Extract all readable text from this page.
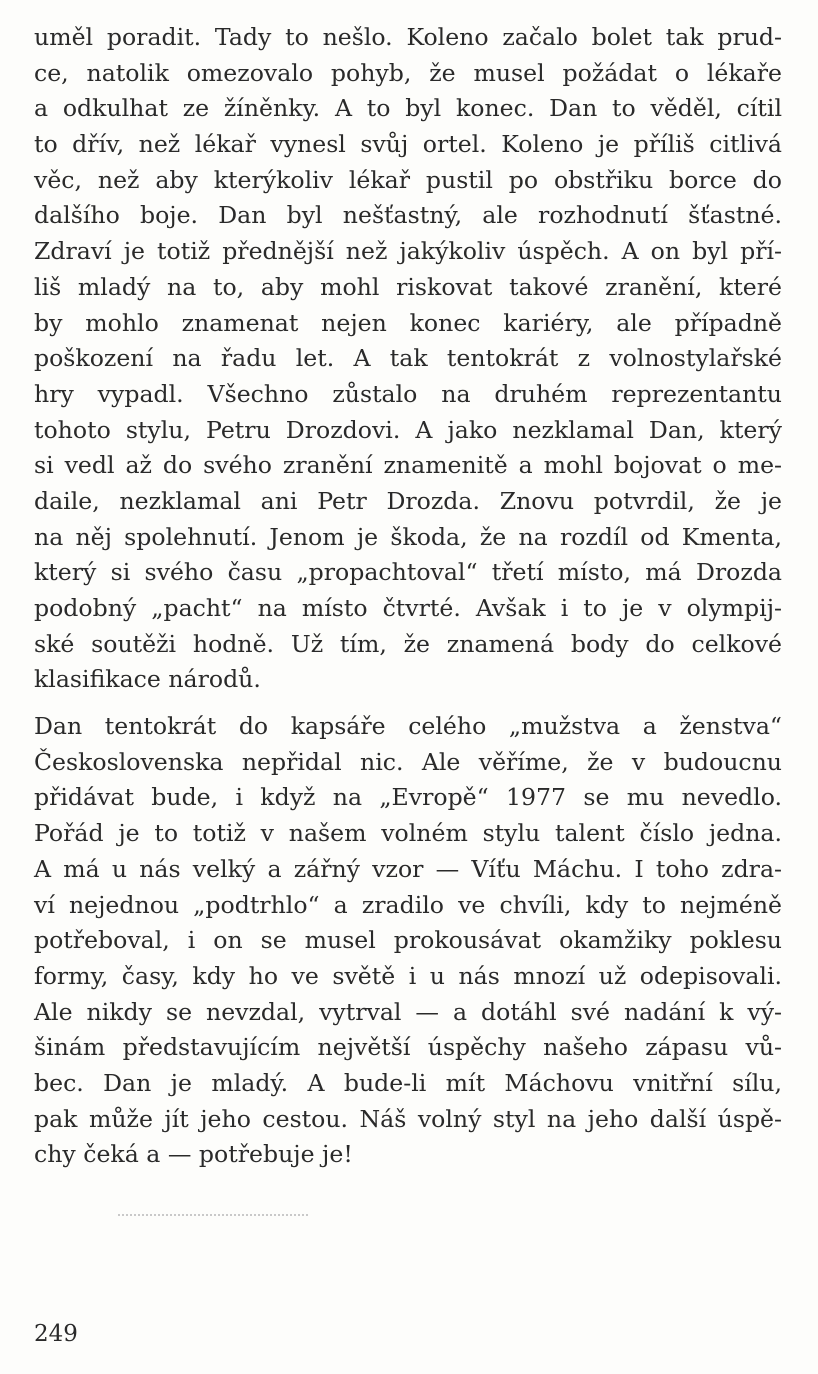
uměl poradit. Tady to nešlo. Koleno začalo bolet tak prud-
ce, natolik omezovalo pohyb, že musel požádat o lékaře
a odkulhat ze žíněnky. A to byl konec. Dan to věděl, cítil
to dřív, než lékař vynesl svůj ortel. Koleno je příliš citlivá
věc, než aby kterýkoliv lékař pustil po obstřiku borce do
dalšího boje. Dan byl nešťastný, ale rozhodnutí šťastné.
Zdraví je totiž přednější než jakýkoliv úspěch. A on byl pří-
liš mladý na to, aby mohl riskovat takové zranění, které
by mohlo znamenat nejen konec kariéry, ale případně
poškození na řadu let. A tak tentokrát z volnostylařské
hry vypadl. Všechno zůstalo na druhém reprezentantu
tohoto stylu, Petru Drozdovi. A jako nezklamal Dan, který
si vedl až do svého zranění znamenitě a mohl bojovat o me-
daile, nezklamal ani Petr Drozda. Znovu potvrdil, že je
na něj spolehnutí. Jenom je škoda, že na rozdíl od Kmenta,
který si svého času „propachtoval“ třetí místo, má Drozda
podobný „pacht“ na místo čtvrté. Avšak i to je v olympij-
ské soutěži hodně. Už tím, že znamená body do celkové
klasifikace národů.
Dan tentokrát do kapsáře celého „mužstva a ženstva“
Československa nepřidal nic. Ale věříme, že v budoucnu
přidávat bude, i když na „Evropě“ 1977 se mu nevedlo.
Pořád je to totiž v našem volném stylu talent číslo jedna.
A má u nás velký a zářný vzor — Víťu Máchu. I toho zdra-
ví nejednou „podtrhlo“ a zradilo ve chvíli, kdy to nejméně
potřeboval, i on se musel prokousávat okamžiky poklesu
formy, časy, kdy ho ve světě i u nás mnozí už odepisovali.
Ale nikdy se nevzdal, vytrval — a dotáhl své nadání k vý-
šinám představujícím největší úspěchy našeho zápasu vů-
bec. Dan je mladý. A bude-li mít Máchovu vnitřní sílu,
pak může jít jeho cestou. Náš volný styl na jeho další úspě-
chy čeká a — potřebuje je!
249
